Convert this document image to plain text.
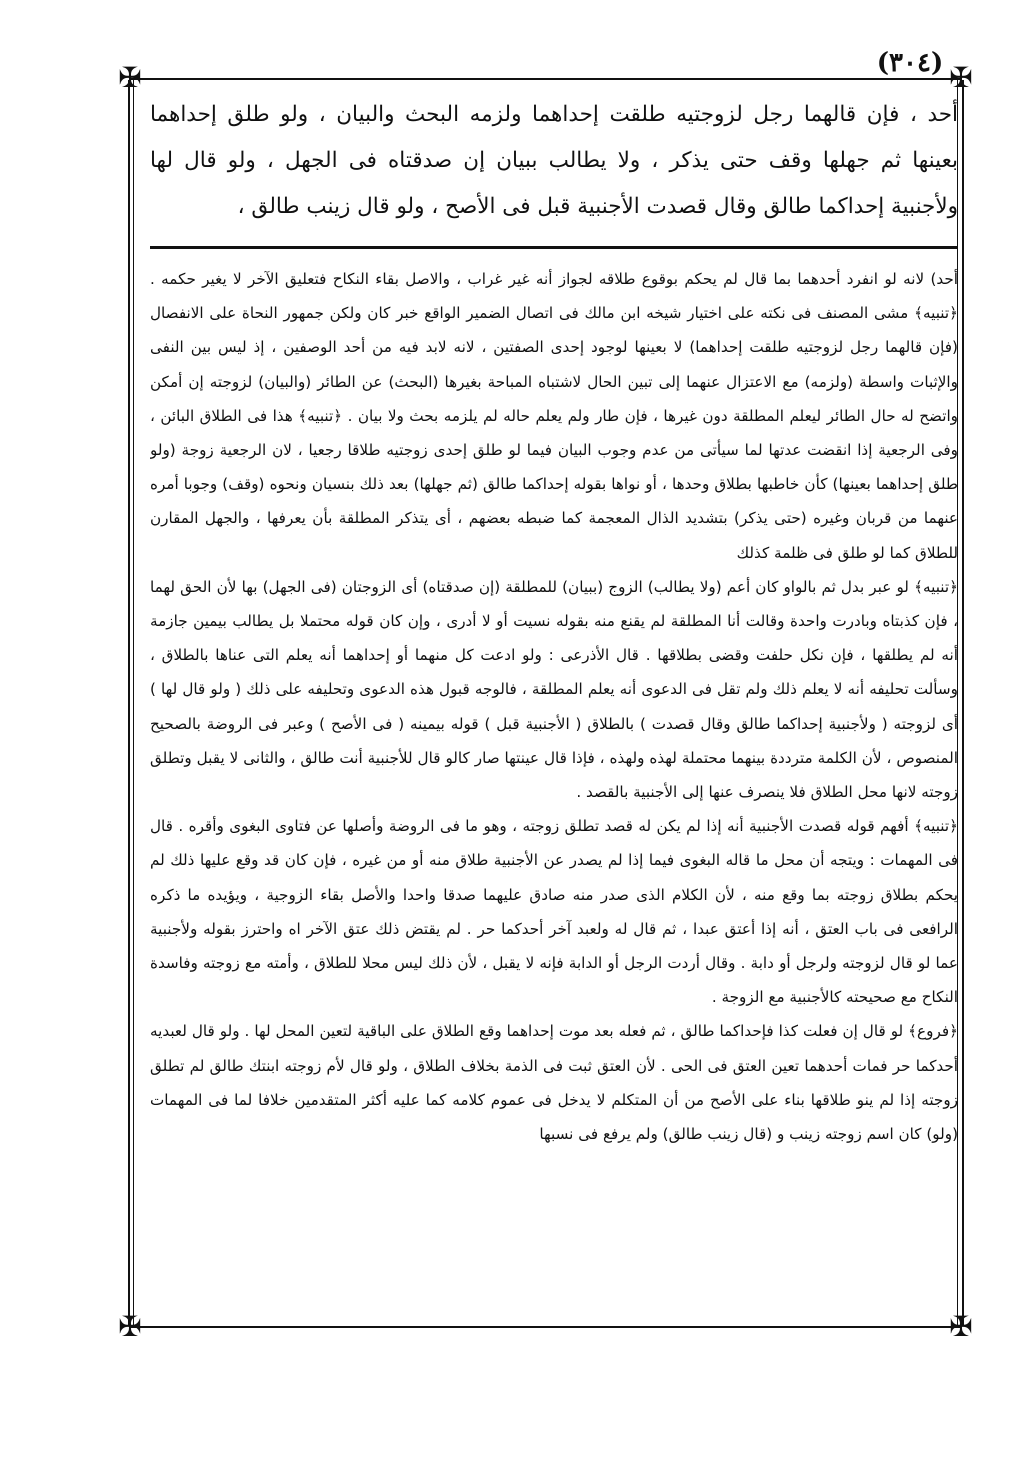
(٣٠٤)
✠	✠
✠	✠
أحد ، فإن قالهما رجل لزوجتيه طلقت إحداهما ولزمه البحث والبيان ، ولو طلق إحداهما بعينها ثم جهلها وقف حتى يذكر ، ولا يطالب ببيان إن صدقتاه فى الجهل ، ولو قال لها ولأجنبية إحداكما طالق وقال قصدت الأجنبية قبل فى الأصح ، ولو قال زينب طالق ،

أحد) لانه لو انفرد أحدهما بما قال لم يحكم بوقوع طلاقه لجواز أنه غير غراب ، والاصل بقاء النكاح فتعليق الآخر لا يغير حكمه . ﴿تنبيه﴾ مشى المصنف فى نكته على اختيار شيخه ابن مالك فى اتصال الضمير الواقع خبر كان ولكن جمهور النحاة على الانفصال (فإن قالهما رجل لزوجتيه طلقت إحداهما) لا بعينها لوجود إحدى الصفتين ، لانه لابد فيه من أحد الوصفين ، إذ ليس بين النفى والإثبات واسطة (ولزمه) مع الاعتزال عنهما إلى تبين الحال لاشتباه المباحة بغيرها (البحث) عن الطائر (والبيان) لزوجته إن أمكن واتضح له حال الطائر ليعلم المطلقة دون غيرها ، فإن طار ولم يعلم حاله لم يلزمه بحث ولا بيان . ﴿تنبيه﴾ هذا فى الطلاق البائن ، وفى الرجعية إذا انقضت عدتها لما سيأتى من عدم وجوب البيان فيما لو طلق إحدى زوجتيه طلاقا رجعيا ، لان الرجعية زوجة (ولو طلق إحداهما بعينها) كأن خاطبها بطلاق وحدها ، أو نواها بقوله إحداكما طالق (ثم جهلها) بعد ذلك بنسيان ونحوه (وقف) وجوبا أمره عنهما من قربان وغيره (حتى يذكر) بتشديد الذال المعجمة كما ضبطه بعضهم ، أى يتذكر المطلقة بأن يعرفها ، والجهل المقارن للطلاق كما لو طلق فى ظلمة كذلك

﴿تنبيه﴾ لو عبر بدل ثم بالواو كان أعم (ولا يطالب) الزوج (ببيان) للمطلقة (إن صدقتاه) أى الزوجتان (فى الجهل) بها لأن الحق لهما ، فإن كذبتاه وبادرت واحدة وقالت أنا المطلقة لم يقنع منه بقوله نسيت أو لا أدرى ، وإن كان قوله محتملا بل يطالب بيمين جازمة أنه لم يطلقها ، فإن نكل حلفت وقضى بطلاقها . قال الأذرعى : ولو ادعت كل منهما أو إحداهما أنه يعلم التى عناها بالطلاق ، وسألت تحليفه أنه لا يعلم ذلك ولم تقل فى الدعوى أنه يعلم المطلقة ، فالوجه قبول هذه الدعوى وتحليفه على ذلك ( ولو قال لها ) أى لزوجته ( ولأجنبية إحداكما طالق وقال قصدت ) بالطلاق ( الأجنبية قبل ) قوله بيمينه ( فى الأصح ) وعبر فى الروضة بالصحيح المنصوص ، لأن الكلمة مترددة بينهما محتملة لهذه ولهذه ، فإذا قال عينتها صار كالو قال للأجنبية أنت طالق ، والثانى لا يقبل وتطلق زوجته لانها محل الطلاق فلا ينصرف عنها إلى الأجنبية بالقصد .

﴿تنبيه﴾ أفهم قوله قصدت الأجنبية أنه إذا لم يكن له قصد تطلق زوجته ، وهو ما فى الروضة وأصلها عن فتاوى البغوى وأقره . قال فى المهمات : ويتجه أن محل ما قاله البغوى فيما إذا لم يصدر عن الأجنبية طلاق منه أو من غيره ، فإن كان قد وقع عليها ذلك لم يحكم بطلاق زوجته بما وقع منه ، لأن الكلام الذى صدر منه صادق عليهما صدقا واحدا والأصل بقاء الزوجية ، ويؤيده ما ذكره الرافعى فى باب العتق ، أنه إذا أعتق عبدا ، ثم قال له ولعبد آخر أحدكما حر . لم يقتض ذلك عتق الآخر اه واحترز بقوله ولأجنبية عما لو قال لزوجته ولرجل أو دابة . وقال أردت الرجل أو الدابة فإنه لا يقبل ، لأن ذلك ليس محلا للطلاق ، وأمته مع زوجته وفاسدة النكاح مع صحيحته كالأجنبية مع الزوجة .

﴿فروع﴾ لو قال إن فعلت كذا فإحداكما طالق ، ثم فعله بعد موت إحداهما وقع الطلاق على الباقية لتعين المحل لها . ولو قال لعبديه أحدكما حر فمات أحدهما تعين العتق فى الحى . لأن العتق ثبت فى الذمة بخلاف الطلاق ، ولو قال لأم زوجته ابنتك طالق لم تطلق زوجته إذا لم ينو طلاقها بناء على الأصح من أن المتكلم لا يدخل فى عموم كلامه كما عليه أكثر المتقدمين خلافا لما فى المهمات (ولو) كان اسم زوجته زينب و (قال زينب طالق) ولم يرفع فى نسبها
